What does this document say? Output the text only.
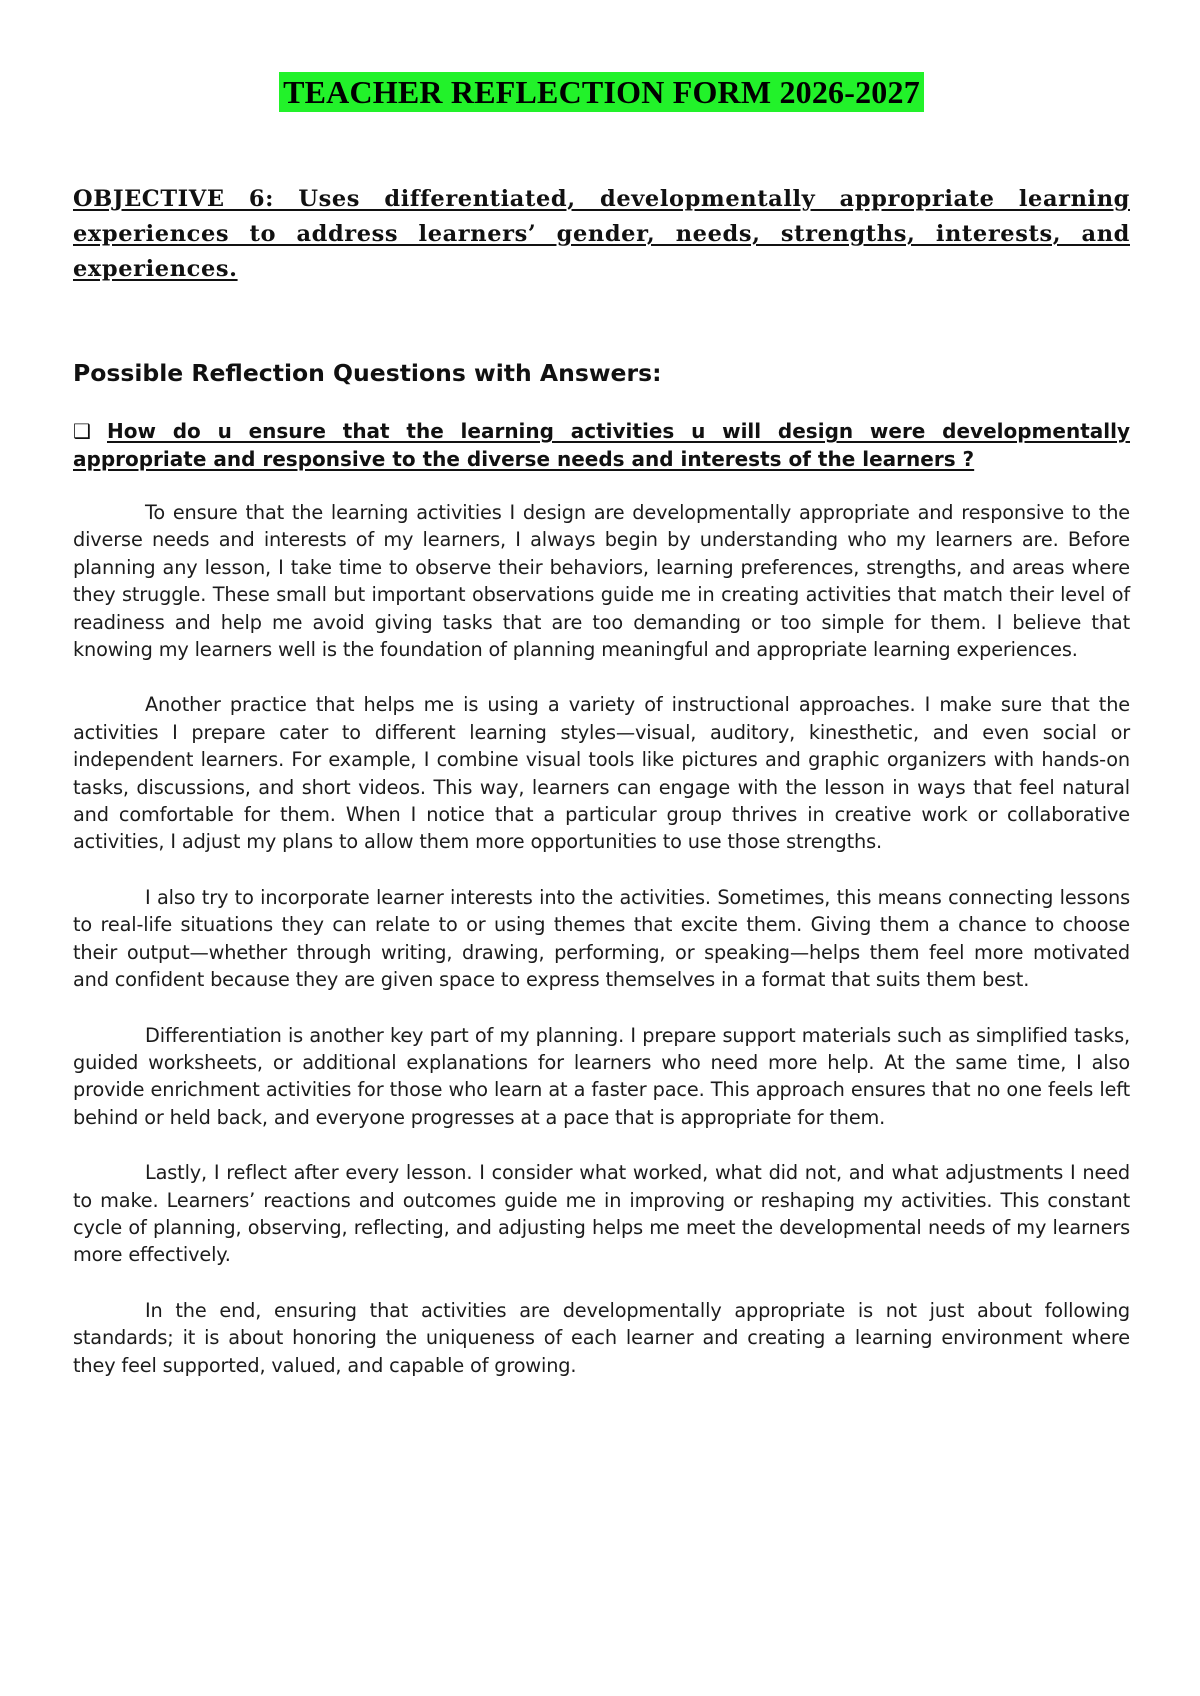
TEACHER REFLECTION FORM 2026-2027
OBJECTIVE 6: Uses differentiated, developmentally appropriate learning experiences to address learners’ gender, needs, strengths, interests, and experiences.
Possible Reflection Questions with Answers:
❑ How do u ensure that the learning activities u will design were developmentally appropriate and responsive to the diverse needs and interests of the learners ?

To ensure that the learning activities I design are developmentally appropriate and responsive to the diverse needs and interests of my learners, I always begin by understanding who my learners are. Before planning any lesson, I take time to observe their behaviors, learning preferences, strengths, and areas where they struggle. These small but important observations guide me in creating activities that match their level of readiness and help me avoid giving tasks that are too demanding or too simple for them. I believe that knowing my learners well is the foundation of planning meaningful and appropriate learning experiences.

Another practice that helps me is using a variety of instructional approaches. I make sure that the activities I prepare cater to different learning styles—visual, auditory, kinesthetic, and even social or independent learners. For example, I combine visual tools like pictures and graphic organizers with hands-on tasks, discussions, and short videos. This way, learners can engage with the lesson in ways that feel natural and comfortable for them. When I notice that a particular group thrives in creative work or collaborative activities, I adjust my plans to allow them more opportunities to use those strengths.

I also try to incorporate learner interests into the activities. Sometimes, this means connecting lessons to real-life situations they can relate to or using themes that excite them. Giving them a chance to choose their output—whether through writing, drawing, performing, or speaking—helps them feel more motivated and confident because they are given space to express themselves in a format that suits them best.

Differentiation is another key part of my planning. I prepare support materials such as simplified tasks, guided worksheets, or additional explanations for learners who need more help. At the same time, I also provide enrichment activities for those who learn at a faster pace. This approach ensures that no one feels left behind or held back, and everyone progresses at a pace that is appropriate for them.

Lastly, I reflect after every lesson. I consider what worked, what did not, and what adjustments I need to make. Learners’ reactions and outcomes guide me in improving or reshaping my activities. This constant cycle of planning, observing, reflecting, and adjusting helps me meet the developmental needs of my learners more effectively.

In the end, ensuring that activities are developmentally appropriate is not just about following standards; it is about honoring the uniqueness of each learner and creating a learning environment where they feel supported, valued, and capable of growing.
